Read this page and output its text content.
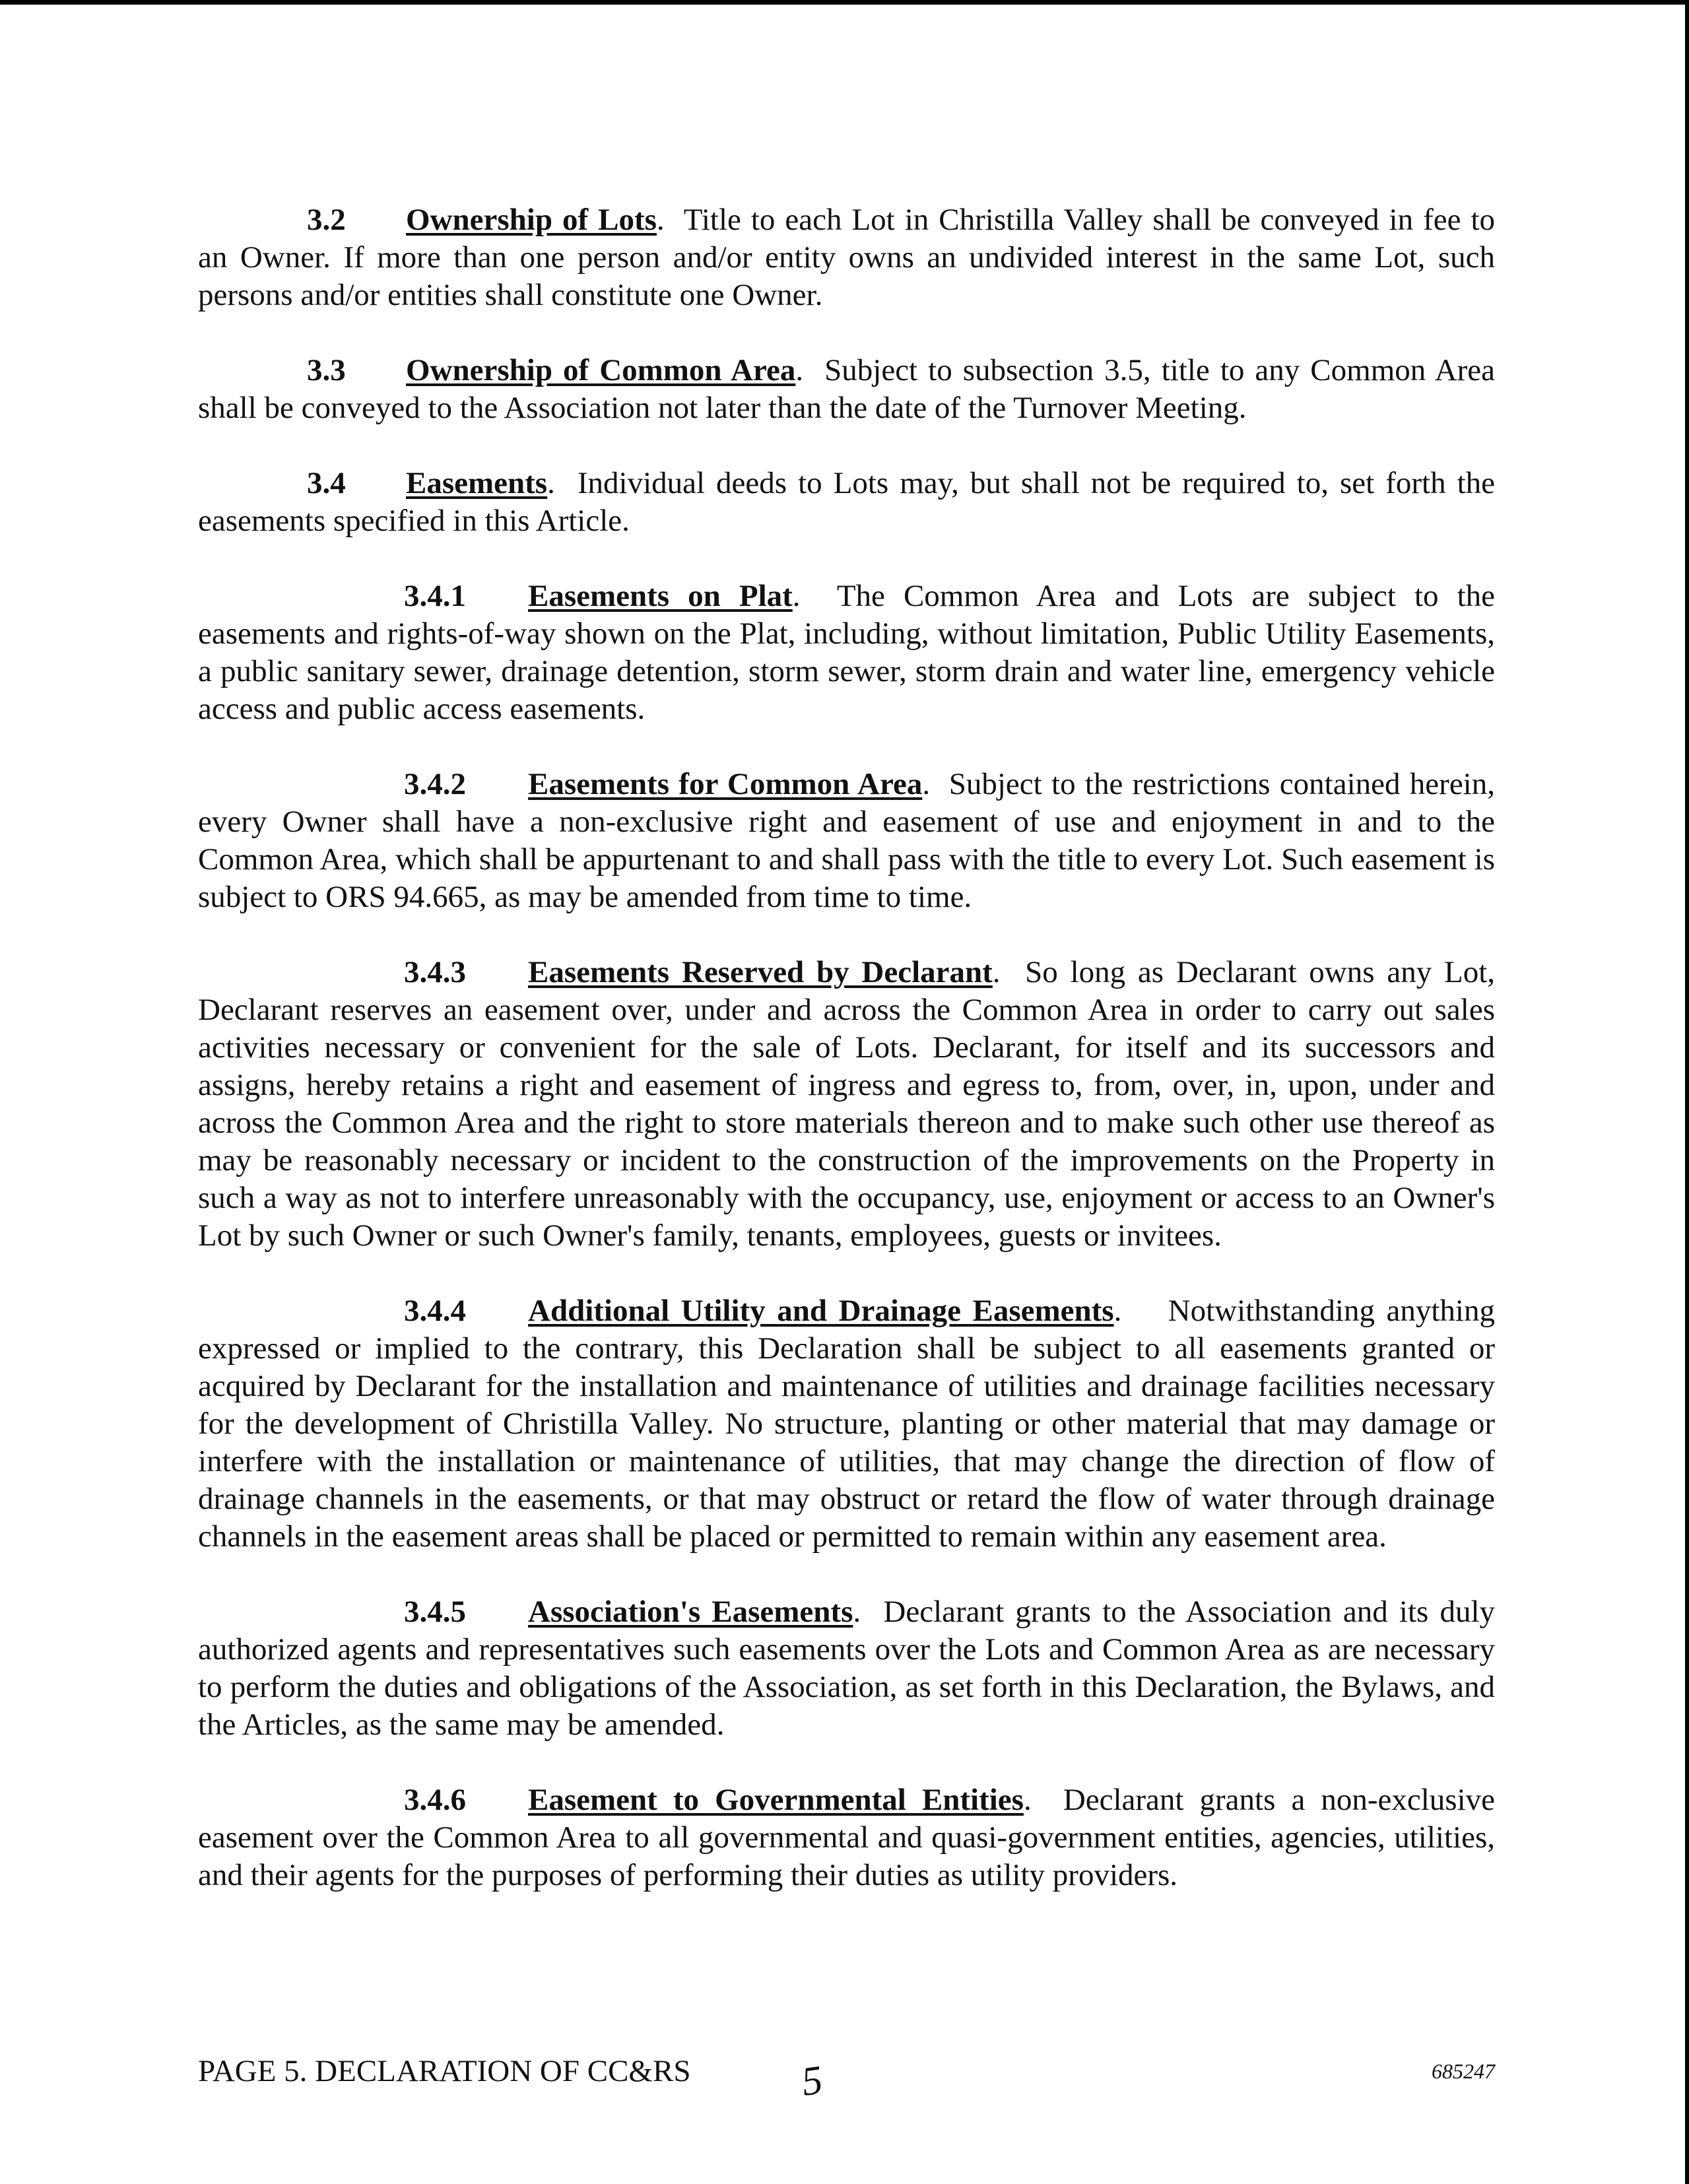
3.2 Ownership of Lots.  Title to each Lot in Christilla Valley shall be conveyed in fee to an Owner. If more than one person and/or entity owns an undivided interest in the same Lot, such persons and/or entities shall constitute one Owner.

3.3 Ownership of Common Area.  Subject to subsection 3.5, title to any Common Area shall be conveyed to the Association not later than the date of the Turnover Meeting.

3.4 Easements.  Individual deeds to Lots may, but shall not be required to, set forth the easements specified in this Article.

3.4.1 Easements on Plat.  The Common Area and Lots are subject to the easements and rights-of-way shown on the Plat, including, without limitation, Public Utility Easements, a public sanitary sewer, drainage detention, storm sewer, storm drain and water line, emergency vehicle access and public access easements.

3.4.2 Easements for Common Area.  Subject to the restrictions contained herein, every Owner shall have a non-exclusive right and easement of use and enjoyment in and to the Common Area, which shall be appurtenant to and shall pass with the title to every Lot. Such easement is subject to ORS 94.665, as may be amended from time to time.

3.4.3 Easements Reserved by Declarant.  So long as Declarant owns any Lot, Declarant reserves an easement over, under and across the Common Area in order to carry out sales activities necessary or convenient for the sale of Lots. Declarant, for itself and its successors and assigns, hereby retains a right and easement of ingress and egress to, from, over, in, upon, under and across the Common Area and the right to store materials thereon and to make such other use thereof as may be reasonably necessary or incident to the construction of the improvements on the Property in such a way as not to interfere unreasonably with the occupancy, use, enjoyment or access to an Owner's Lot by such Owner or such Owner's family, tenants, employees, guests or invitees.

3.4.4 Additional Utility and Drainage Easements.    Notwithstanding anything expressed or implied to the contrary, this Declaration shall be subject to all easements granted or acquired by Declarant for the installation and maintenance of utilities and drainage facilities necessary for the development of Christilla Valley. No structure, planting or other material that may damage or interfere with the installation or maintenance of utilities, that may change the direction of flow of drainage channels in the easements, or that may obstruct or retard the flow of water through drainage channels in the easement areas shall be placed or permitted to remain within any easement area.

3.4.5 Association's Easements.  Declarant grants to the Association and its duly authorized agents and representatives such easements over the Lots and Common Area as are necessary to perform the duties and obligations of the Association, as set forth in this Declaration, the Bylaws, and the Articles, as the same may be amended.

3.4.6 Easement to Governmental Entities.  Declarant grants a non-exclusive easement over the Common Area to all governmental and quasi-government entities, agencies, utilities, and their agents for the purposes of performing their duties as utility providers.

PAGE 5. DECLARATION OF CC&RS	5	685247
